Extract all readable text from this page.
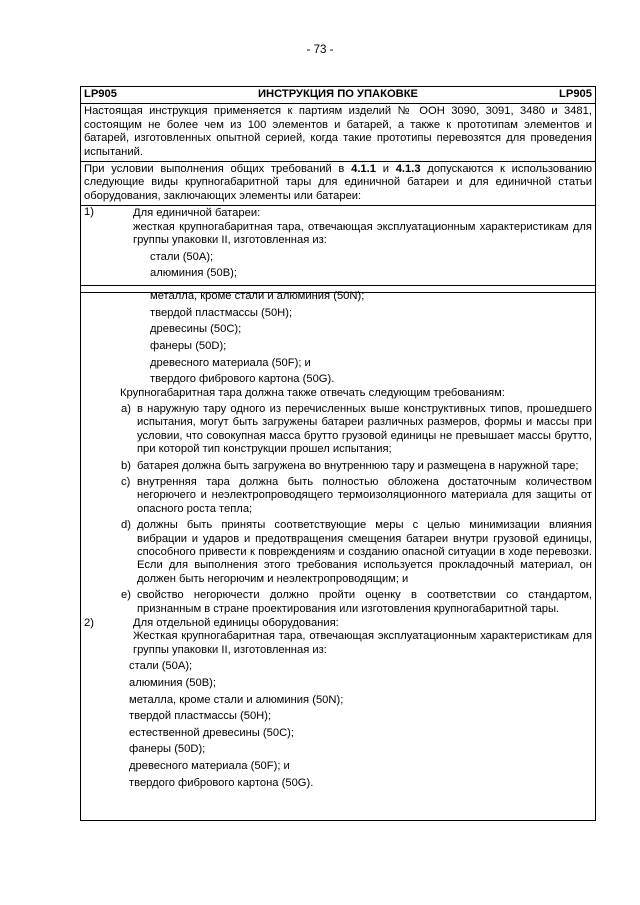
- 73 -
LP905	ИНСТРУКЦИЯ ПО УПАКОВКЕ	LP905
Настоящая инструкция применяется к партиям изделий № ООН 3090, 3091, 3480 и 3481, состоящим не более чем из 100 элементов и батарей, а также к прототипам элементов и батарей, изготовленных опытной серией, когда такие прототипы перевозятся для проведения испытаний.
При условии выполнения общих требований в 4.1.1 и 4.1.3 допускаются к использованию следующие виды крупногабаритной тары для единичной батареи и для единичной статьи оборудования, заключающих элементы или батареи:
1)	Для единичной батареи:
жесткая крупногабаритная тара, отвечающая эксплуатационным характеристикам для группы упаковки II, изготовленная из:
стали (50A);
алюминия (50B);
металла, кроме стали и алюминия (50N);
твердой пластмассы (50H);
древесины (50C);
фанеры (50D);
древесного материала (50F); и
твердого фибрового картона (50G).
Крупногабаритная тара должна также отвечать следующим требованиям:
a) в наружную тару одного из перечисленных выше конструктивных типов, прошедшего испытания, могут быть загружены батареи различных размеров, формы и массы при условии, что совокупная масса брутто грузовой единицы не превышает массы брутто, при которой тип конструкции прошел испытания;
b) батарея должна быть загружена во внутреннюю тару и размещена в наружной таре;
c) внутренняя тара должна быть полностью обложена достаточным количеством негорючего и неэлектропроводящего термоизоляционного материала для защиты от опасного роста тепла;
d) должны быть приняты соответствующие меры с целью минимизации влияния вибрации и ударов и предотвращения смещения батареи внутри грузовой единицы, способного привести к повреждениям и созданию опасной ситуации в ходе перевозки. Если для выполнения этого требования используется прокладочный материал, он должен быть негорючим и неэлектропроводящим; и
e) свойство негорючести должно пройти оценку в соответствии со стандартом, признанным в стране проектирования или изготовления крупногабаритной тары.
2)	Для отдельной единицы оборудования:
Жесткая крупногабаритная тара, отвечающая эксплуатационным характеристикам для группы упаковки II, изготовленная из:
стали (50A);
алюминия (50B);
металла, кроме стали и алюминия (50N);
твердой пластмассы (50H);
естественной древесины (50C);
фанеры (50D);
древесного материала (50F); и
твердого фибрового картона (50G).
